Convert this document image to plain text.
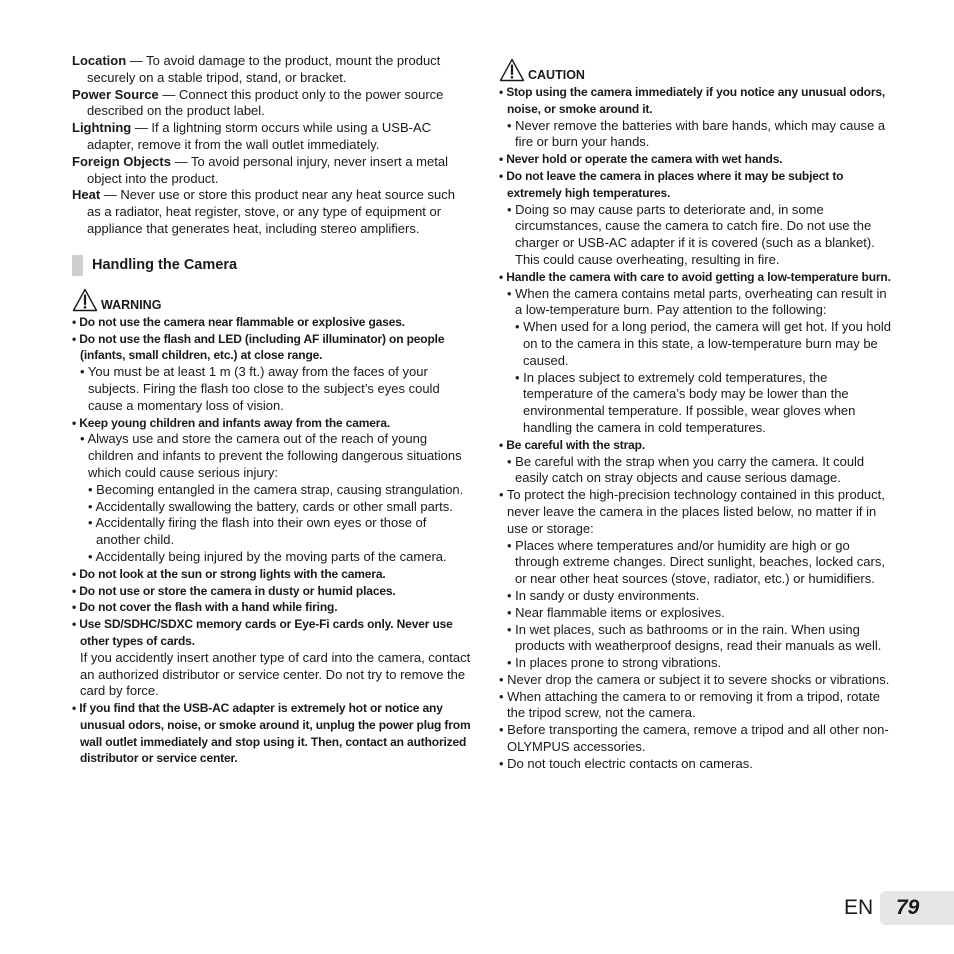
Location — To avoid damage to the product, mount the product securely on a stable tripod, stand, or bracket.

Power Source — Connect this product only to the power source described on the product label.

Lightning — If a lightning storm occurs while using a USB-AC adapter, remove it from the wall outlet immediately.

Foreign Objects — To avoid personal injury, never insert a metal object into the product.

Heat — Never use or store this product near any heat source such as a radiator, heat register, stove, or any type of equipment or appliance that generates heat, including stereo amplifiers.

Handling the Camera
WARNING

• Do not use the camera near flammable or explosive gases.

• Do not use the flash and LED (including AF illuminator) on people (infants, small children, etc.) at close range.

• You must be at least 1 m (3 ft.) away from the faces of your subjects. Firing the flash too close to the subject’s eyes could cause a momentary loss of vision.

• Keep young children and infants away from the camera.

• Always use and store the camera out of the reach of young children and infants to prevent the following dangerous situations which could cause serious injury:

• Becoming entangled in the camera strap, causing strangulation.

• Accidentally swallowing the battery, cards or other small parts.

• Accidentally firing the flash into their own eyes or those of another child.

• Accidentally being injured by the moving parts of the camera.

• Do not look at the sun or strong lights with the camera.

• Do not use or store the camera in dusty or humid places.

• Do not cover the flash with a hand while firing.

• Use SD/SDHC/SDXC memory cards or Eye-Fi cards only. Never use other types of cards.

If you accidently insert another type of card into the camera, contact an authorized distributor or service center. Do not try to remove the card by force.

• If you find that the USB-AC adapter is extremely hot or notice any unusual odors, noise, or smoke around it, unplug the power plug from wall outlet immediately and stop using it. Then, contact an authorized distributor or service center.

CAUTION

• Stop using the camera immediately if you notice any unusual odors, noise, or smoke around it.

• Never remove the batteries with bare hands, which may cause a fire or burn your hands.

• Never hold or operate the camera with wet hands.

• Do not leave the camera in places where it may be subject to extremely high temperatures.

• Doing so may cause parts to deteriorate and, in some circumstances, cause the camera to catch fire. Do not use the charger or USB-AC adapter if it is covered (such as a blanket). This could cause overheating, resulting in fire.

• Handle the camera with care to avoid getting a low-temperature burn.

• When the camera contains metal parts, overheating can result in a low-temperature burn. Pay attention to the following:

• When used for a long period, the camera will get hot. If you hold on to the camera in this state, a low-temperature burn may be caused.

• In places subject to extremely cold temperatures, the temperature of the camera’s body may be lower than the environmental temperature. If possible, wear gloves when handling the camera in cold temperatures.

• Be careful with the strap.

• Be careful with the strap when you carry the camera. It could easily catch on stray objects and cause serious damage.

• To protect the high-precision technology contained in this product, never leave the camera in the places listed below, no matter if in use or storage:

• Places where temperatures and/or humidity are high or go through extreme changes. Direct sunlight, beaches, locked cars, or near other heat sources (stove, radiator, etc.) or humidifiers.

• In sandy or dusty environments.

• Near flammable items or explosives.

• In wet places, such as bathrooms or in the rain. When using products with weatherproof designs, read their manuals as well.

• In places prone to strong vibrations.

• Never drop the camera or subject it to severe shocks or vibrations.

• When attaching the camera to or removing it from a tripod, rotate the tripod screw, not the camera.

• Before transporting the camera, remove a tripod and all other non-OLYMPUS accessories.

• Do not touch electric contacts on cameras.

EN 79
